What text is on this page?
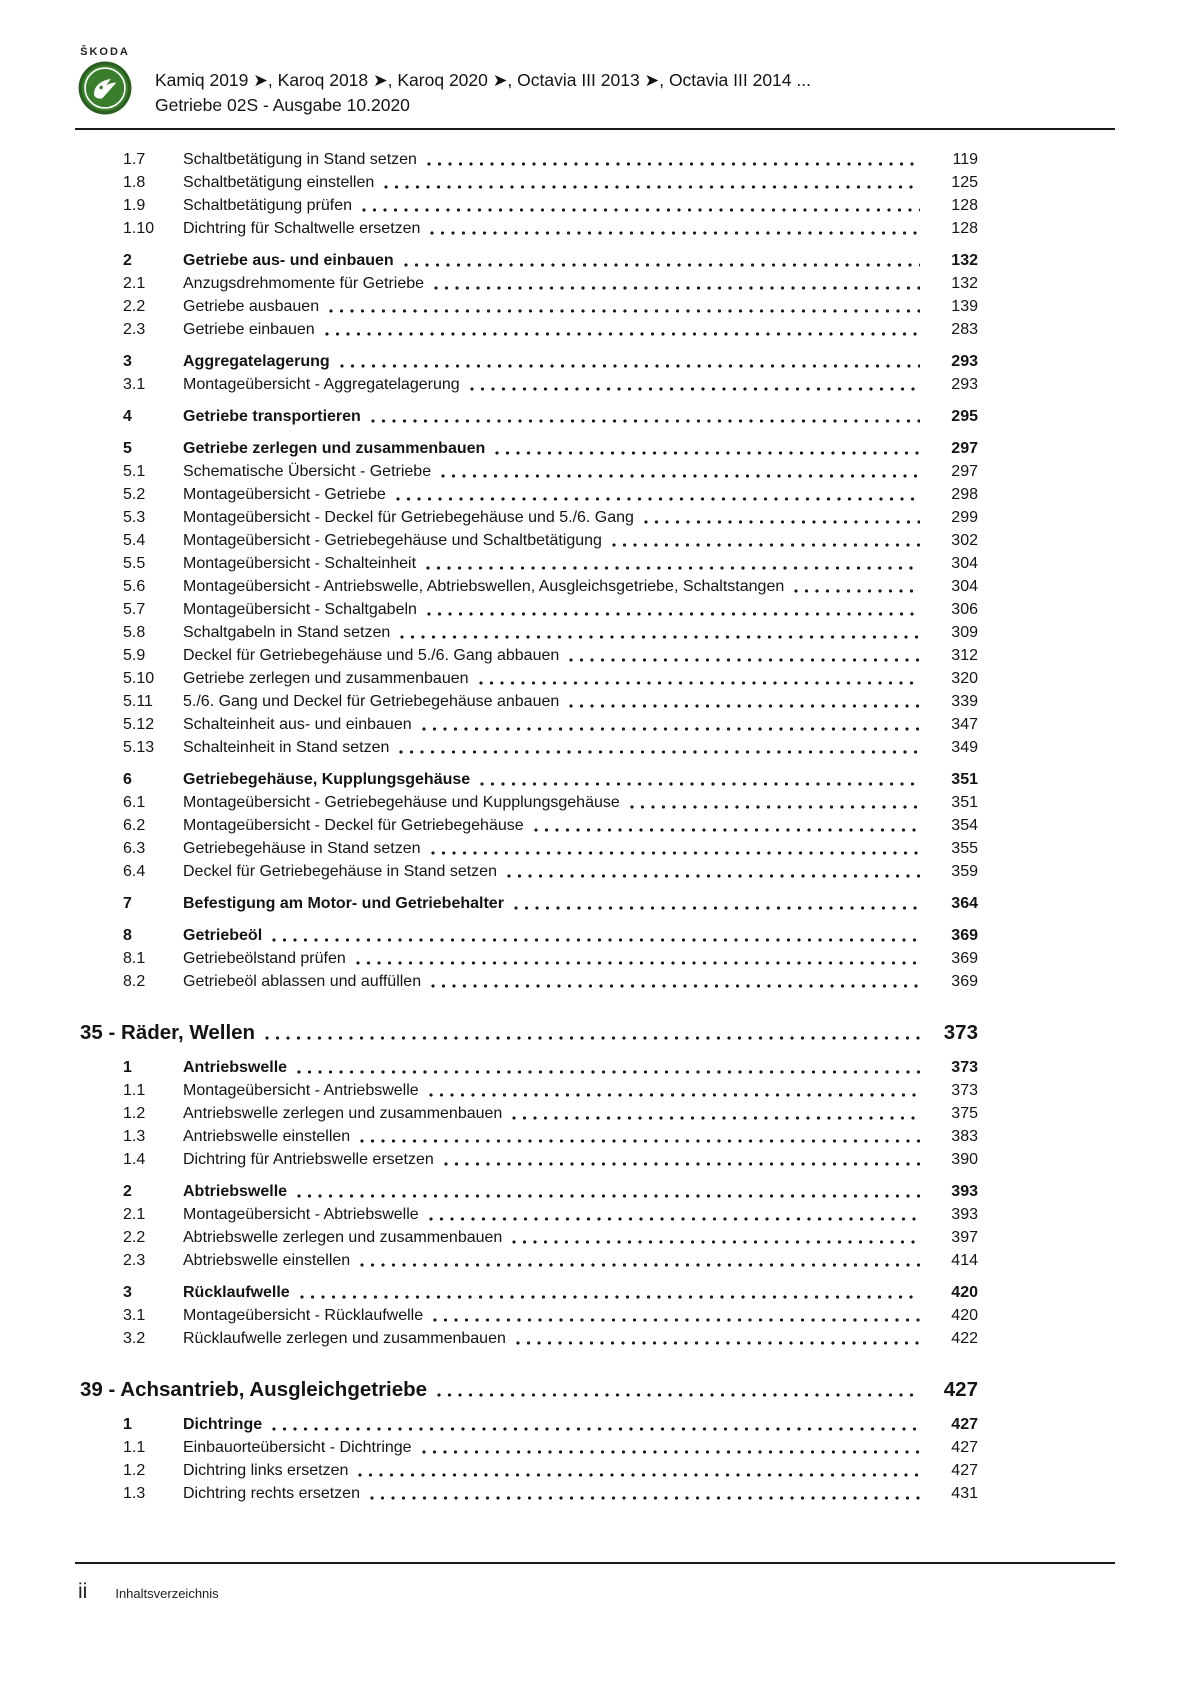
ŠKODA
Kamiq 2019 ➤, Karoq 2018 ➤, Karoq 2020 ➤, Octavia III 2013 ➤, Octavia III 2014 ...
Getriebe 02S - Ausgabe 10.2020
1.7	Schaltbetätigung in Stand setzen	119
1.8	Schaltbetätigung einstellen	125
1.9	Schaltbetätigung prüfen	128
1.10	Dichtring für Schaltwelle ersetzen	128
2	Getriebe aus- und einbauen	132
2.1	Anzugsdrehmomente für Getriebe	132
2.2	Getriebe ausbauen	139
2.3	Getriebe einbauen	283
3	Aggregatelagerung	293
3.1	Montageübersicht - Aggregatelagerung	293
4	Getriebe transportieren	295
5	Getriebe zerlegen und zusammenbauen	297
5.1	Schematische Übersicht - Getriebe	297
5.2	Montageübersicht - Getriebe	298
5.3	Montageübersicht - Deckel für Getriebegehäuse und 5./6. Gang	299
5.4	Montageübersicht - Getriebegehäuse und Schaltbetätigung	302
5.5	Montageübersicht - Schalteinheit	304
5.6	Montageübersicht - Antriebswelle, Abtriebswellen, Ausgleichsgetriebe, Schaltstangen	304
5.7	Montageübersicht - Schaltgabeln	306
5.8	Schaltgabeln in Stand setzen	309
5.9	Deckel für Getriebegehäuse und 5./6. Gang abbauen	312
5.10	Getriebe zerlegen und zusammenbauen	320
5.11	5./6. Gang und Deckel für Getriebegehäuse anbauen	339
5.12	Schalteinheit aus- und einbauen	347
5.13	Schalteinheit in Stand setzen	349
6	Getriebegehäuse, Kupplungsgehäuse	351
6.1	Montageübersicht - Getriebegehäuse und Kupplungsgehäuse	351
6.2	Montageübersicht - Deckel für Getriebegehäuse	354
6.3	Getriebegehäuse in Stand setzen	355
6.4	Deckel für Getriebegehäuse in Stand setzen	359
7	Befestigung am Motor- und Getriebehalter	364
8	Getriebeöl	369
8.1	Getriebeölstand prüfen	369
8.2	Getriebeöl ablassen und auffüllen	369
35 - Räder, Wellen	373
1	Antriebswelle	373
1.1	Montageübersicht - Antriebswelle	373
1.2	Antriebswelle zerlegen und zusammenbauen	375
1.3	Antriebswelle einstellen	383
1.4	Dichtring für Antriebswelle ersetzen	390
2	Abtriebswelle	393
2.1	Montageübersicht - Abtriebswelle	393
2.2	Abtriebswelle zerlegen und zusammenbauen	397
2.3	Abtriebswelle einstellen	414
3	Rücklaufwelle	420
3.1	Montageübersicht - Rücklaufwelle	420
3.2	Rücklaufwelle zerlegen und zusammenbauen	422
39 - Achsantrieb, Ausgleichgetriebe	427
1	Dichtringe	427
1.1	Einbauorteübersicht - Dichtringe	427
1.2	Dichtring links ersetzen	427
1.3	Dichtring rechts ersetzen	431
ii Inhaltsverzeichnis
